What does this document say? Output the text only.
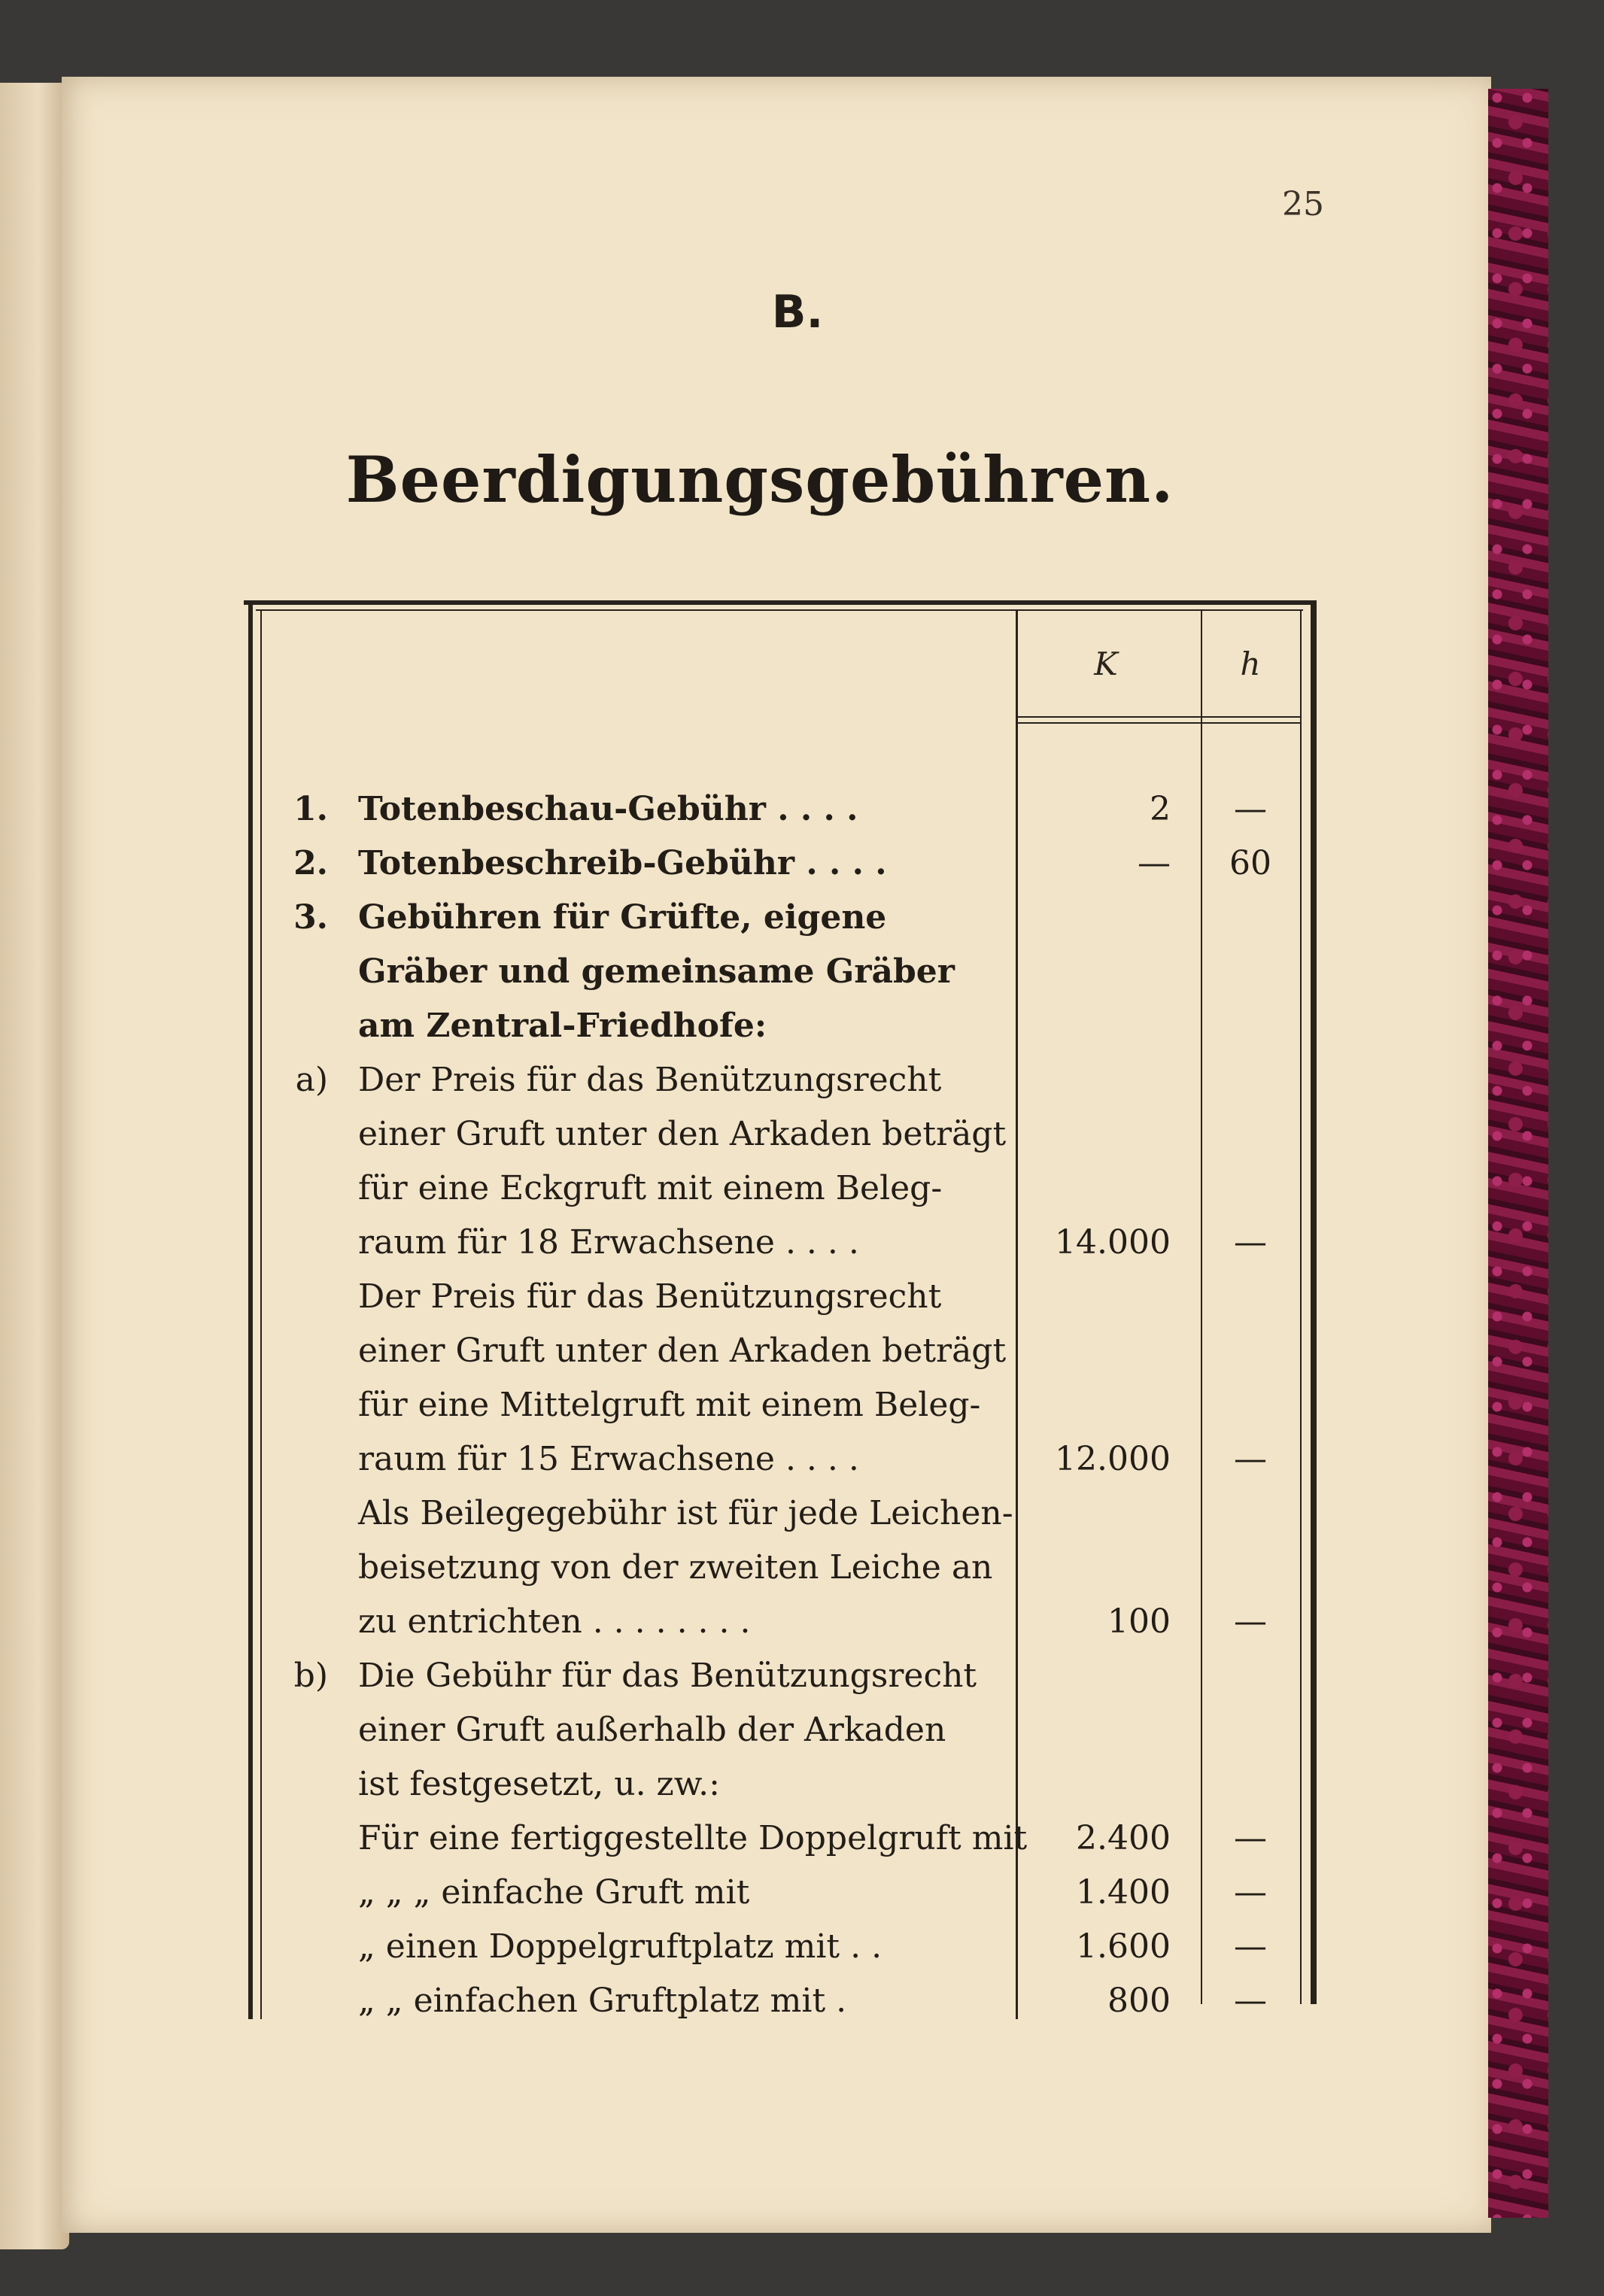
25
B.
Beerdigungsgebühren.
K	h
1. Totenbeschau-Gebühr . . . .	2	—
2. Totenbeschreib-Gebühr . . . .	—	60
3. Gebühren für Grüfte, eigene
Gräber und gemeinsame Gräber
am Zentral-Friedhofe:
a) Der Preis für das Benützungsrecht
einer Gruft unter den Arkaden beträgt
für eine Eckgruft mit einem Beleg-
raum für 18 Erwachsene . . . .	14.000	—
Der Preis für das Benützungsrecht
einer Gruft unter den Arkaden beträgt
für eine Mittelgruft mit einem Beleg-
raum für 15 Erwachsene . . . .	12.000	—
Als Beilegegebühr ist für jede Leichen-
beisetzung von der zweiten Leiche an
zu entrichten . . . . . . . .	100	—
b) Die Gebühr für das Benützungsrecht
einer Gruft außerhalb der Arkaden
ist festgesetzt, u. zw.:
Für eine fertiggestellte Doppelgruft mit	2.400	—
„ „ „ einfache Gruft mit	1.400	—
„ einen Doppelgruftplatz mit . .	1.600	—
„ „ einfachen Gruftplatz mit .	800	—
